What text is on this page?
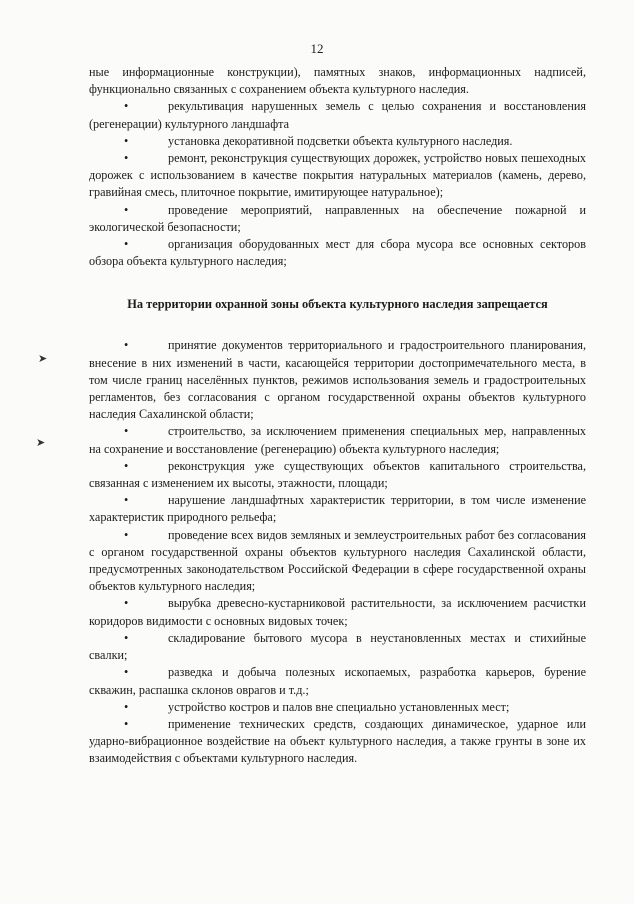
12
➤
➤

ные информационные конструкции), памятных знаков, информационных надписей, функционально связанных с сохранением объекта культурного наследия.

•	рекультивация нарушенных земель с целью сохранения и восстановления (регенерации) культурного ландшафта

•	установка декоративной подсветки объекта культурного наследия.

•	ремонт, реконструкция существующих дорожек, устройство новых пешеходных дорожек с использованием в качестве покрытия натуральных материалов (камень, дерево, гравийная смесь, плиточное покрытие, имитирующее натуральное);

•	проведение мероприятий, направленных на обеспечение пожарной и экологической безопасности;

•	организация оборудованных мест для сбора мусора все основных секторов обзора объекта культурного наследия;

На территории охранной зоны объекта культурного наследия запрещается

•	принятие документов территориального и градостроительного планирования, внесение в них изменений в части, касающейся территории достопримечательного места, в том числе границ населённых пунктов, режимов использования земель и градостроительных регламентов, без согласования с органом государственной охраны объектов культурного наследия Сахалинской области;

•	строительство, за исключением применения специальных мер, направленных на сохранение и восстановление (регенерацию) объекта культурного наследия;

•	реконструкция уже существующих объектов капитального строительства, связанная с изменением их высоты, этажности, площади;

•	нарушение ландшафтных характеристик территории, в том числе изменение характеристик природного рельефа;

•	проведение всех видов земляных и землеустроительных работ без согласования с органом государственной охраны объектов культурного наследия Сахалинской области, предусмотренных законодательством Российской Федерации в сфере государственной охраны объектов культурного наследия;

•	вырубка древесно-кустарниковой растительности, за исключением расчистки коридоров видимости с основных видовых точек;

•	складирование бытового мусора в неустановленных местах и стихийные свалки;

•	разведка и добыча полезных ископаемых, разработка карьеров, бурение скважин, распашка склонов оврагов и т.д.;

•	устройство костров и палов вне специально установленных мест;

•	применение технических средств, создающих динамическое, ударное или ударно-вибрационное воздействие на объект культурного наследия, а также грунты в зоне их взаимодействия с объектами культурного наследия.
